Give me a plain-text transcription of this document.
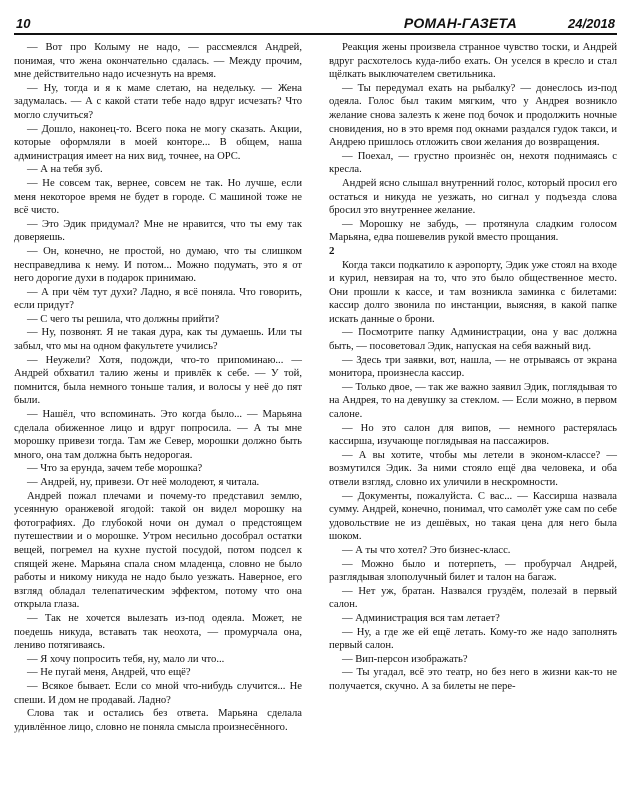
10	РОМАН-ГАЗЕТА	24/2018

— Вот про Колыму не надо, — рассмеялся Андрей, понимая, что жена окончательно сдалась. — Между прочим, мне действительно надо исчезнуть на время.

— Ну, тогда и я к маме слетаю, на недельку. — Жена задумалась. — А с какой стати тебе надо вдруг исчезать? Что могло случиться?

— Дошло, наконец-то. Всего пока не могу сказать. Акции, которые оформляли в моей конторе... В общем, наша администрация имеет на них вид, точнее, на ОРС.

— А на тебя зуб.

— Не совсем так, вернее, совсем не так. Но лучше, если меня некоторое время не будет в городе. С машиной тоже не всё чисто.

— Это Эдик придумал? Мне не нравится, что ты ему так доверяешь.

— Он, конечно, не простой, но думаю, что ты слишком несправедлива к нему. И потом... Можно подумать, это я от него дорогие духи в подарок принимаю.

— А при чём тут духи? Ладно, я всё поняла. Что говорить, если придут?

— С чего ты решила, что должны прийти?

— Ну, позвонят. Я не такая дура, как ты думаешь. Или ты забыл, что мы на одном факультете учились?

— Неужели? Хотя, подожди, что-то припоминаю... — Андрей обхватил талию жены и привлёк к себе. — У той, помнится, была немного тоньше талия, и волосы у неё до пят были.

— Нашёл, что вспоминать. Это когда было... — Марьяна сделала обиженное лицо и вдруг попросила. — А ты мне морошку привези тогда. Там же Север, морошки должно быть много, она там должна быть недорогая.

— Что за ерунда, зачем тебе морошка?

— Андрей, ну, привези. От неё молодеют, я читала.

Андрей пожал плечами и почему-то представил землю, усеянную оранжевой ягодой: такой он видел морошку на фотографиях. До глубокой ночи он думал о предстоящем путешествии и о морошке. Утром несильно дособрал остатки вещей, погремел на кухне пустой посудой, потом подсел к спящей жене. Марьяна спала сном младенца, словно не было работы и никому никуда не надо было уезжать. Наверное, его взгляд обладал телепатическим эффектом, потому что она открыла глаза.

— Так не хочется вылезать из-под одеяла. Может, не поедешь никуда, вставать так неохота, — промурчала она, лениво потягиваясь.

— Я хочу попросить тебя, ну, мало ли что...

— Не пугай меня, Андрей, что ещё?

— Всякое бывает. Если со мной что-нибудь случится... Не спеши. И дом не продавай. Ладно?

Слова так и остались без ответа. Марьяна сделала удивлённое лицо, словно не поняла смысла произнесённого.

Реакция жены произвела странное чувство тоски, и Андрей вдруг расхотелось куда-либо ехать. Он уселся в кресло и стал щёлкать выключателем светильника.

— Ты передумал ехать на рыбалку? — донеслось из-под одеяла. Голос был таким мягким, что у Андрея возникло желание снова залезть к жене под бочок и продолжить ночные сновидения, но в это время под окнами раздался гудок такси, и Андрею пришлось отложить свои желания до возвращения.

— Поехал, — грустно произнёс он, нехотя поднимаясь с кресла.

Андрей ясно слышал внутренний голос, который просил его остаться и никуда не уезжать, но сигнал у подъезда слова бросил это внутреннее желание.

— Морошку не забудь, — протянула сладким голосом Марьяна, едва пошевелив рукой вместо прощания.

2

Когда такси подкатило к аэропорту, Эдик уже стоял на входе и курил, невзирая на то, что это было общественное место. Они прошли к кассе, и там возникла заминка с билетами: кассир долго звонила по инстанции, выясняя, в какой папке искать данные о брони.

— Посмотрите папку Администрации, она у вас должна быть, — посоветовал Эдик, напуская на себя важный вид.

— Здесь три заявки, вот, нашла, — не отрываясь от экрана монитора, произнесла кассир.

— Только двое, — так же важно заявил Эдик, поглядывая то на Андрея, то на девушку за стеклом. — Если можно, в первом салоне.

— Но это салон для випов, — немного растерялась кассирша, изучающе поглядывая на пассажиров.

— А вы хотите, чтобы мы летели в эконом-классе? — возмутился Эдик. За ними стояло ещё два человека, и оба отвели взгляд, словно их уличили в нескромности.

— Документы, пожалуйста. С вас... — Кассирша назвала сумму. Андрей, конечно, понимал, что самолёт уже сам по себе удовольствие не из дешёвых, но такая цена для него была шоком.

— А ты что хотел? Это бизнес-класс.

— Можно было и потерпеть, — пробурчал Андрей, разглядывая злополучный билет и талон на багаж.

— Нет уж, братан. Назвался груздём, полезай в первый салон.

— Администрация вся там летает?

— Ну, а где же ей ещё летать. Кому-то же надо заполнять первый салон.

— Вип-персон изображать?

— Ты угадал, всё это театр, но без него в жизни как-то не получается, скучно. А за билеты не пере-
